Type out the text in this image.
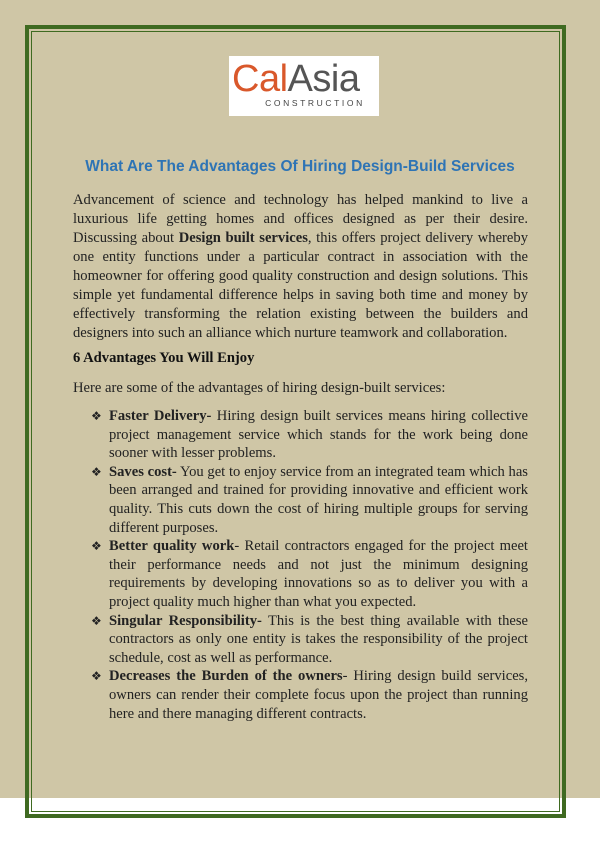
CalAsia
CONSTRUCTION
What Are The Advantages Of Hiring Design-Build Services

Advancement of science and technology has helped mankind to live a luxurious life getting homes and offices designed as per their desire. Discussing about Design built services, this offers project delivery whereby one entity functions under a particular contract in association with the homeowner for offering good quality construction and design solutions. This simple yet fundamental difference helps in saving both time and money by effectively transforming the relation existing between the builders and designers into such an alliance which nurture teamwork and collaboration.

6 Advantages You Will Enjoy

Here are some of the advantages of hiring design-built services:

❖ Faster Delivery- Hiring design built services means hiring collective project management service which stands for the work being done sooner with lesser problems.
❖ Saves cost- You get to enjoy service from an integrated team which has been arranged and trained for providing innovative and efficient work quality. This cuts down the cost of hiring multiple groups for serving different purposes.
❖ Better quality work- Retail contractors engaged for the project meet their performance needs and not just the minimum designing requirements by developing innovations so as to deliver you with a project quality much higher than what you expected.
❖ Singular Responsibility- This is the best thing available with these contractors as only one entity is takes the responsibility of the project schedule, cost as well as performance.
❖ Decreases the Burden of the owners- Hiring design build services, owners can render their complete focus upon the project than running here and there managing different contracts.
